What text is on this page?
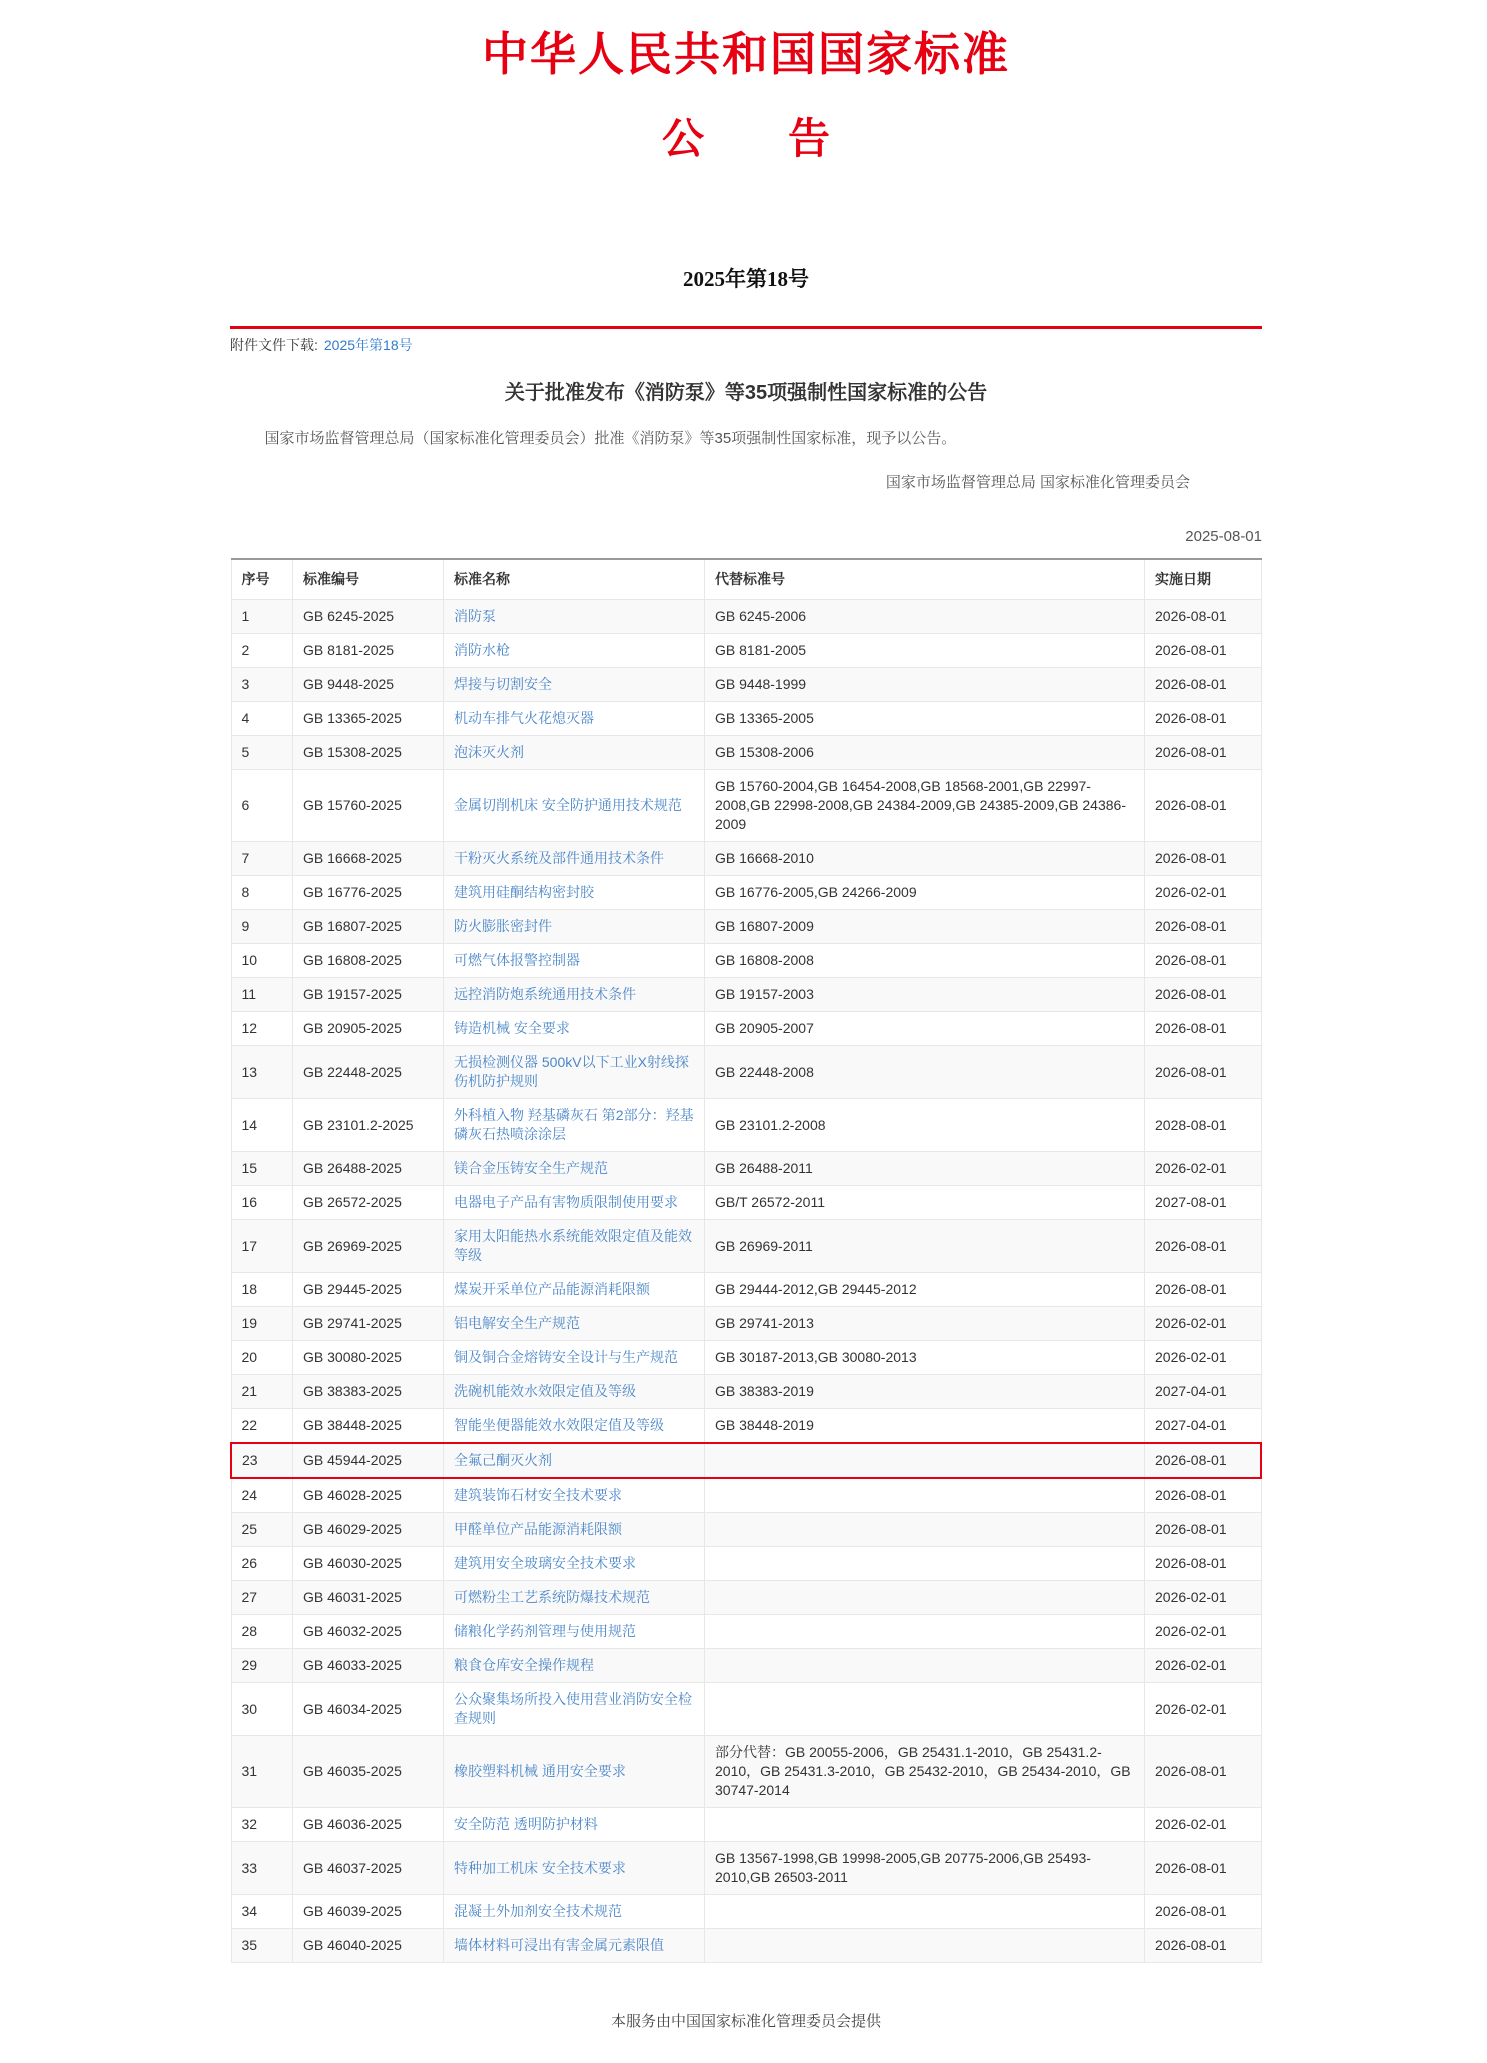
中华人民共和国国家标准
公　　告
2025年第18号
附件文件下载: 2025年第18号
关于批准发布《消防泵》等35项强制性国家标准的公告
国家市场监督管理总局（国家标准化管理委员会）批准《消防泵》等35项强制性国家标准，现予以公告。
国家市场监督管理总局 国家标准化管理委员会
2025-08-01
序号	标准编号	标准名称	代替标准号	实施日期
1	GB 6245-2025	消防泵	GB 6245-2006	2026-08-01
2	GB 8181-2025	消防水枪	GB 8181-2005	2026-08-01
3	GB 9448-2025	焊接与切割安全	GB 9448-1999	2026-08-01
4	GB 13365-2025	机动车排气火花熄灭器	GB 13365-2005	2026-08-01
5	GB 15308-2025	泡沫灭火剂	GB 15308-2006	2026-08-01
6	GB 15760-2025	金属切削机床 安全防护通用技术规范	GB 15760-2004,GB 16454-2008,GB 18568-2001,GB 22997-2008,GB 22998-2008,GB 24384-2009,GB 24385-2009,GB 24386-2009	2026-08-01
7	GB 16668-2025	干粉灭火系统及部件通用技术条件	GB 16668-2010	2026-08-01
8	GB 16776-2025	建筑用硅酮结构密封胶	GB 16776-2005,GB 24266-2009	2026-02-01
9	GB 16807-2025	防火膨胀密封件	GB 16807-2009	2026-08-01
10	GB 16808-2025	可燃气体报警控制器	GB 16808-2008	2026-08-01
11	GB 19157-2025	远控消防炮系统通用技术条件	GB 19157-2003	2026-08-01
12	GB 20905-2025	铸造机械 安全要求	GB 20905-2007	2026-08-01
13	GB 22448-2025	无损检测仪器 500kV以下工业X射线探伤机防护规则	GB 22448-2008	2026-08-01
14	GB 23101.2-2025	外科植入物 羟基磷灰石 第2部分：羟基磷灰石热喷涂涂层	GB 23101.2-2008	2028-08-01
15	GB 26488-2025	镁合金压铸安全生产规范	GB 26488-2011	2026-02-01
16	GB 26572-2025	电器电子产品有害物质限制使用要求	GB/T 26572-2011	2027-08-01
17	GB 26969-2025	家用太阳能热水系统能效限定值及能效等级	GB 26969-2011	2026-08-01
18	GB 29445-2025	煤炭开采单位产品能源消耗限额	GB 29444-2012,GB 29445-2012	2026-08-01
19	GB 29741-2025	铝电解安全生产规范	GB 29741-2013	2026-02-01
20	GB 30080-2025	铜及铜合金熔铸安全设计与生产规范	GB 30187-2013,GB 30080-2013	2026-02-01
21	GB 38383-2025	洗碗机能效水效限定值及等级	GB 38383-2019	2027-04-01
22	GB 38448-2025	智能坐便器能效水效限定值及等级	GB 38448-2019	2027-04-01
23	GB 45944-2025	全氟己酮灭火剂		2026-08-01
24	GB 46028-2025	建筑装饰石材安全技术要求		2026-08-01
25	GB 46029-2025	甲醛单位产品能源消耗限额		2026-08-01
26	GB 46030-2025	建筑用安全玻璃安全技术要求		2026-08-01
27	GB 46031-2025	可燃粉尘工艺系统防爆技术规范		2026-02-01
28	GB 46032-2025	储粮化学药剂管理与使用规范		2026-02-01
29	GB 46033-2025	粮食仓库安全操作规程		2026-02-01
30	GB 46034-2025	公众聚集场所投入使用营业消防安全检查规则		2026-02-01
31	GB 46035-2025	橡胶塑料机械 通用安全要求	部分代替：GB 20055-2006，GB 25431.1-2010，GB 25431.2-2010，GB 25431.3-2010，GB 25432-2010，GB 25434-2010，GB 30747-2014	2026-08-01
32	GB 46036-2025	安全防范 透明防护材料		2026-02-01
33	GB 46037-2025	特种加工机床 安全技术要求	GB 13567-1998,GB 19998-2005,GB 20775-2006,GB 25493-2010,GB 26503-2011	2026-08-01
34	GB 46039-2025	混凝土外加剂安全技术规范		2026-08-01
35	GB 46040-2025	墙体材料可浸出有害金属元素限值		2026-08-01
本服务由中国国家标准化管理委员会提供
